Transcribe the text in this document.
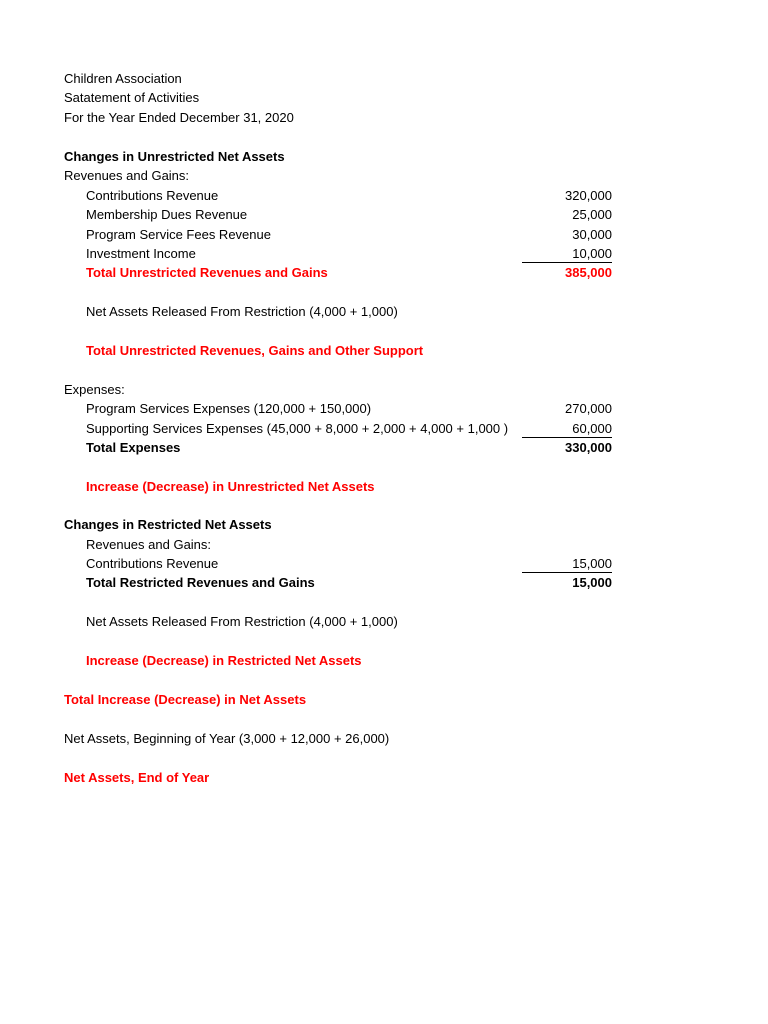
Children Association
Satatement of Activities
For the Year Ended December 31, 2020
Changes in Unrestricted Net Assets
Revenues and Gains:
Contributions Revenue	320,000
Membership Dues Revenue	25,000
Program Service Fees Revenue	30,000
Investment Income	10,000
Total Unrestricted Revenues and Gains	385,000
Net Assets Released From Restriction (4,000 + 1,000)
Total Unrestricted Revenues, Gains and Other Support
Expenses:
Program Services Expenses (120,000 + 150,000)	270,000
Supporting Services Expenses (45,000 + 8,000 + 2,000 + 4,000 + 1,000 )	60,000
Total Expenses	330,000
Increase (Decrease) in Unrestricted Net Assets
Changes in Restricted Net Assets
Revenues and Gains:
Contributions Revenue	15,000
Total Restricted Revenues and Gains	15,000
Net Assets Released From Restriction (4,000 + 1,000)
Increase (Decrease) in Restricted Net Assets
Total Increase (Decrease) in Net Assets
Net Assets, Beginning of Year (3,000 + 12,000 + 26,000)
Net Assets, End of Year
